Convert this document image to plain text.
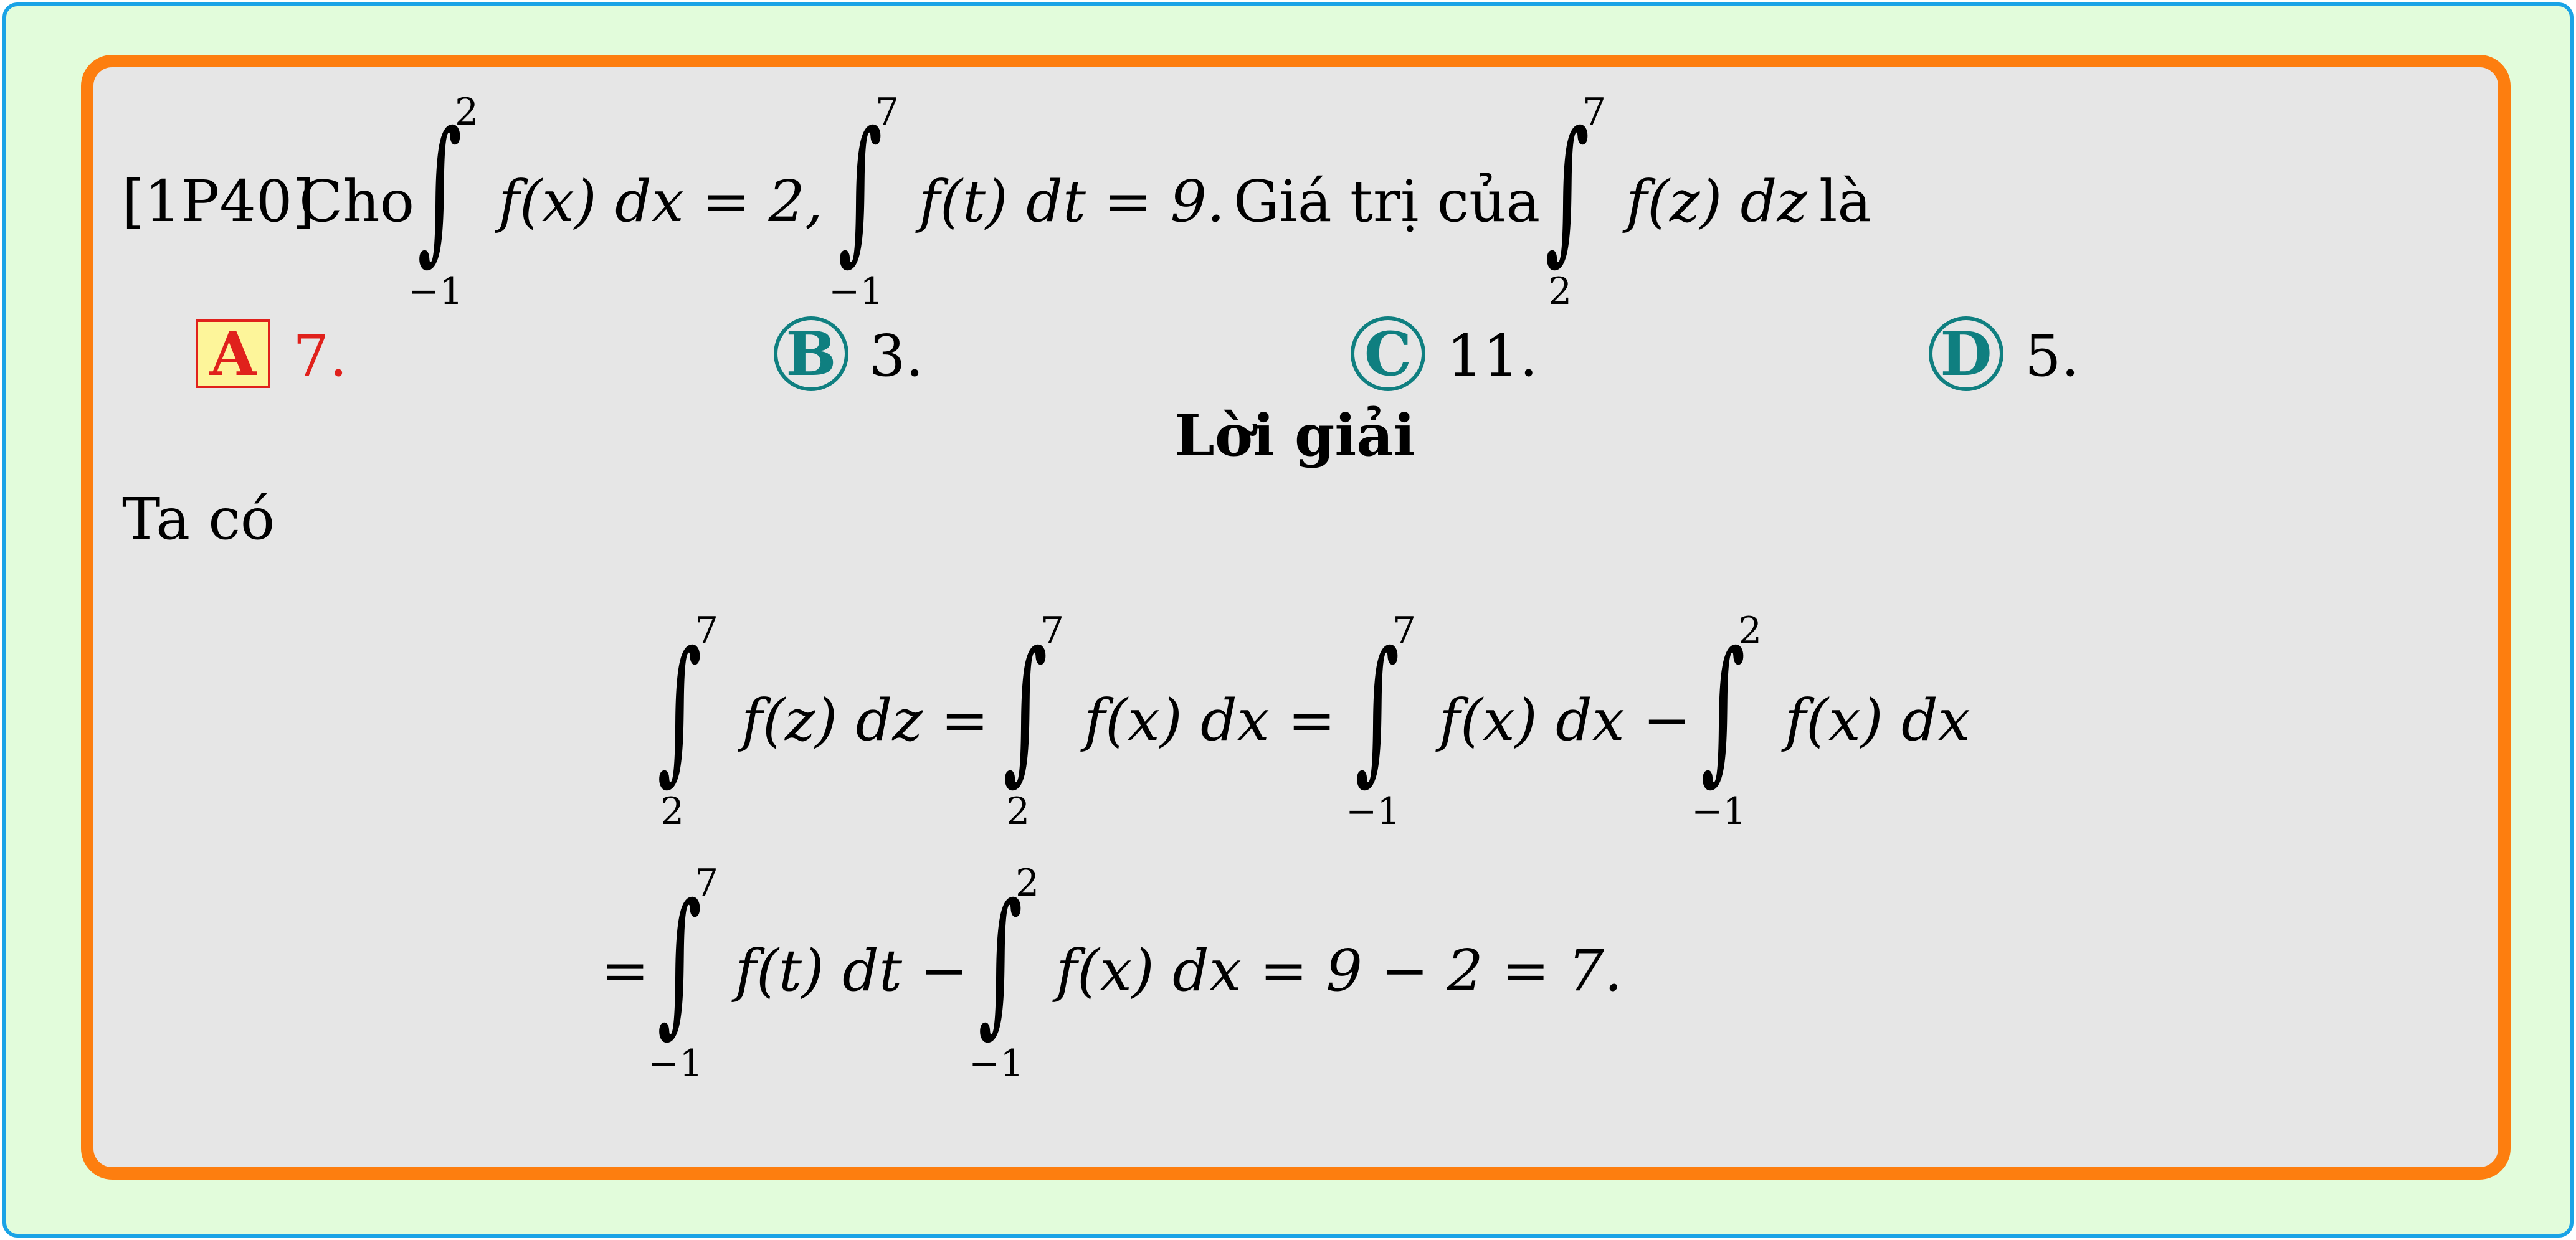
[1P40]
Cho
2
∫
−1
f(x) dx = 2,
7
∫
−1
f(t) dt = 9. Giá trị của
7
∫
2
f(z) dz là
A 7.	B 3.	C 11.	D 5.
Lời giải
Ta có
7
∫
2
f(z) dz =
7
∫
2
f(x) dx =
7
∫
−1
f(x) dx −
2
∫
−1
f(x) dx
=
7
∫
−1
f(t) dt −
2
∫
−1
f(x) dx = 9 − 2 = 7.
